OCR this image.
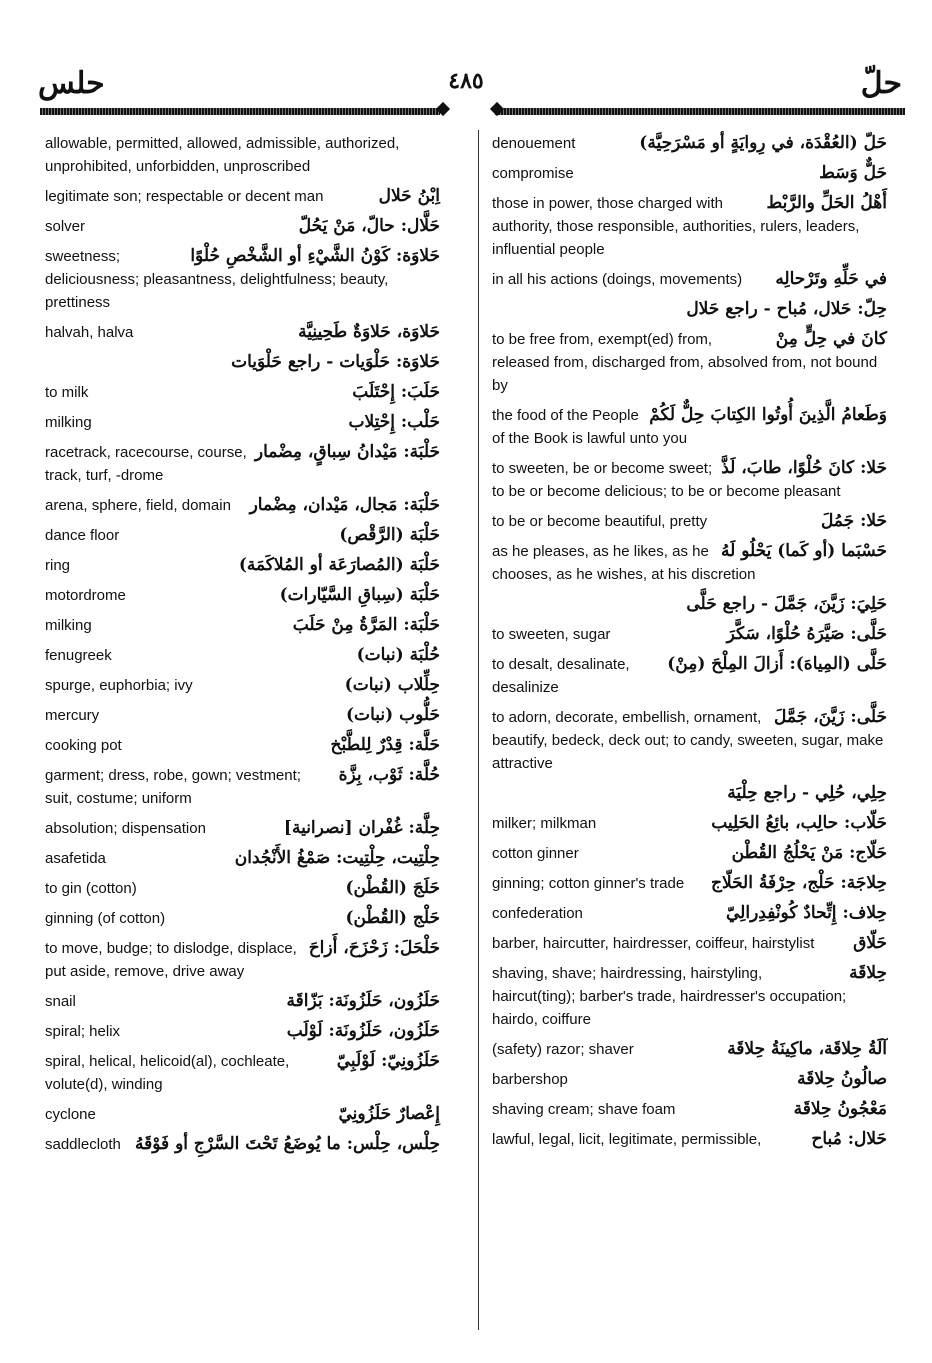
حلس	٤٨٥	حلّ
allowable, permitted, allowed, admissible, authorized, unprohibited, unforbidden, unproscribed
اِبْنُ حَلال
legitimate son; respectable or decent man
حَلَّال: حالّ، مَنْ يَحُلّ
solver
حَلاوَة: كَوْنُ الشَّيْءِ أو الشَّخْصِ حُلْوًا
sweetness; deliciousness; pleasantness, delightfulness; beauty, prettiness
حَلاوَة، حَلاوَةٌ طَحِينِيَّة
halvah, halva
حَلاوَة: حَلْوَيات - راجع حَلْوَيات
حَلَبَ: إِحْتَلَبَ
to milk
حَلْب: إِحْتِلاب
milking
حَلْبَة: مَيْدانُ سِباقٍ، مِضْمار
racetrack, racecourse, course, track, turf, -drome
حَلْبَة: مَجال، مَيْدان، مِضْمار
arena, sphere, field, domain
حَلْبَة (الرَّقْص)
dance floor
حَلْبَة (المُصارَعَة أو المُلاكَمَة)
ring
حَلْبَة (سِباقِ السَّيّارات)
motordrome
حَلْبَة: المَرَّةُ مِنْ حَلَبَ
milking
حُلْبَة (نبات)
fenugreek
حِلِّلاب (نبات)
spurge, euphorbia; ivy
حَلُّوب (نبات)
mercury
حَلَّة: قِدْرٌ لِلطَّبْخ
cooking pot
حُلَّة: ثَوْب، بِزَّة
garment; dress, robe, gown; vestment; suit, costume; uniform
حِلَّة: غُفْران [نصرانية]
absolution; dispensation
حِلْتِيت، حِلْتِيت: صَمْغُ الأَنْجُدان
asafetida
حَلَجَ (القُطْن)
to gin (cotton)
حَلْج (القُطْن)
ginning (of cotton)
حَلْحَلَ: زَحْزَحَ، أَزاحَ
to move, budge; to dislodge, displace, put aside, remove, drive away
حَلَزُون، حَلَزُونَة: بَزّاقَة
snail
حَلَزُون، حَلَزُونَة: لَوْلَب
spiral; helix
حَلَزُونِيّ: لَوْلَبِيّ
spiral, helical, helicoid(al), cochleate, volute(d), winding
إِعْصارٌ حَلَزُونِيّ
cyclone
حِلْس، حِلْس: ما يُوضَعُ تَحْتَ السَّرْجِ أو فَوْقَهُ
saddlecloth
حَلّ (العُقْدَة، في رِوايَةٍ أو مَسْرَحِيَّة)
denouement
حَلٌّ وَسَط
compromise
أَهْلُ الحَلِّ والرَّبْط
those in power, those charged with authority, those responsible, authorities, rulers, leaders, influential people
في حَلِّهِ وتَرْحالِه
in all his actions (doings, movements)
حِلّ: حَلال، مُباح - راجع حَلال
كانَ في حِلٍّ مِنْ
to be free from, exempt(ed) from, released from, discharged from, absolved from, not bound by
وَطَعامُ الَّذِينَ أُوتُوا الكِتابَ حِلٌّ لَكُمْ
the food of the People of the Book is lawful unto you
حَلا: كانَ حُلْوًا، طابَ، لَذَّ
to sweeten, be or become sweet; to be or become delicious; to be or become pleasant
حَلا: جَمُلَ
to be or become beautiful, pretty
حَسْبَما (أو كَما) يَحْلُو لَهُ
as he pleases, as he likes, as he chooses, as he wishes, at his discretion
حَلِيَ: زَيَّنَ، جَمَّلَ - راجع حَلَّى
حَلَّى: صَيَّرَهُ حُلْوًا، سَكَّرَ
to sweeten, sugar
حَلَّى (المِياهَ): أَزالَ المِلْحَ (مِنْ)
to desalt, desalinate, desalinize
حَلَّى: زَيَّنَ، جَمَّلَ
to adorn, decorate, embellish, ornament, beautify, bedeck, deck out; to candy, sweeten, sugar, make attractive
حِلِي، حُلِي - راجع حِلْيَة
حَلّاب: حالِب، بائِعُ الحَلِيب
milker; milkman
حَلّاج: مَنْ يَحْلُجُ القُطْن
cotton ginner
حِلاجَة: حَلْج، حِرْفَةُ الحَلّاج
ginning; cotton ginner's trade
حِلاف: إِتِّحادٌ كُونْفِدِرالِيّ
confederation
حَلّاق
barber, haircutter, hairdresser, coiffeur, hairstylist
حِلاقَة
shaving, shave; hairdressing, hairstyling, haircut(ting); barber's trade, hairdresser's occupation; hairdo, coiffure
آلَةُ حِلاقَة، ماكِينَةُ حِلاقَة
(safety) razor; shaver
صالُونُ حِلاقَة
barbershop
مَعْجُونُ حِلاقَة
shaving cream; shave foam
حَلال: مُباح
lawful, legal, licit, legitimate, permissible,
